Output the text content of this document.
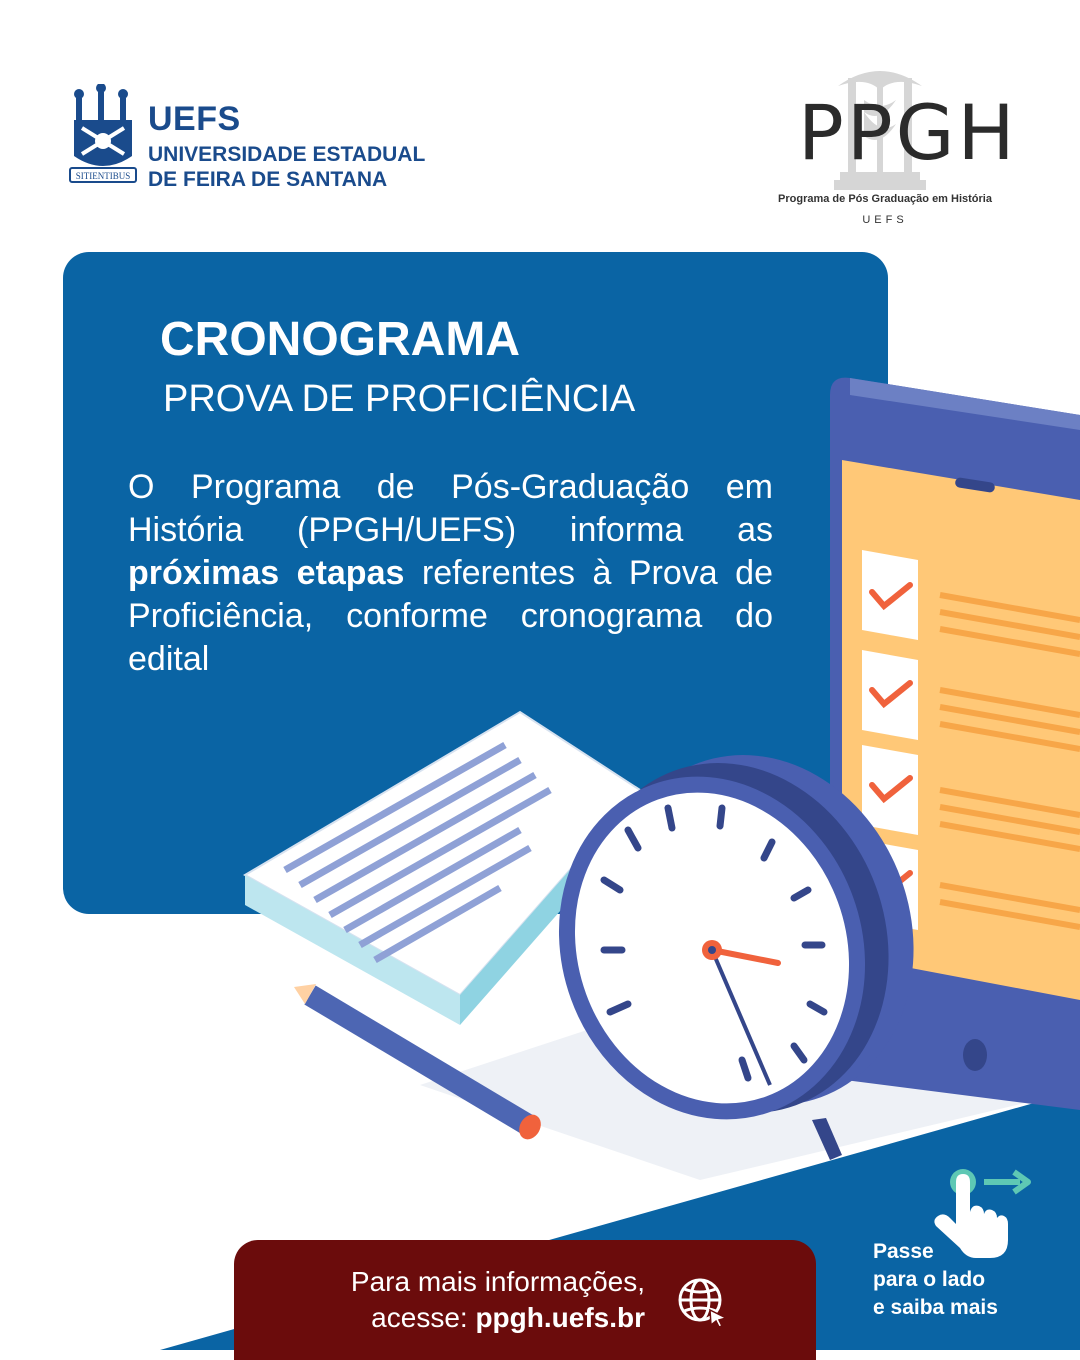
SITIENTIBUS
UEFS
UNIVERSIDADE ESTADUAL
DE FEIRA DE SANTANA
PPGH
Programa de Pós Graduação em História
UEFS
CRONOGRAMA
PROVA DE PROFICIÊNCIA
O Programa de Pós-Graduação em História (PPGH/UEFS) informa as próximas etapas referentes à Prova de Proficiência, conforme cronograma do edital
Para mais informações,
acesse: ppgh.uefs.br
Passe
para o lado
e saiba mais
